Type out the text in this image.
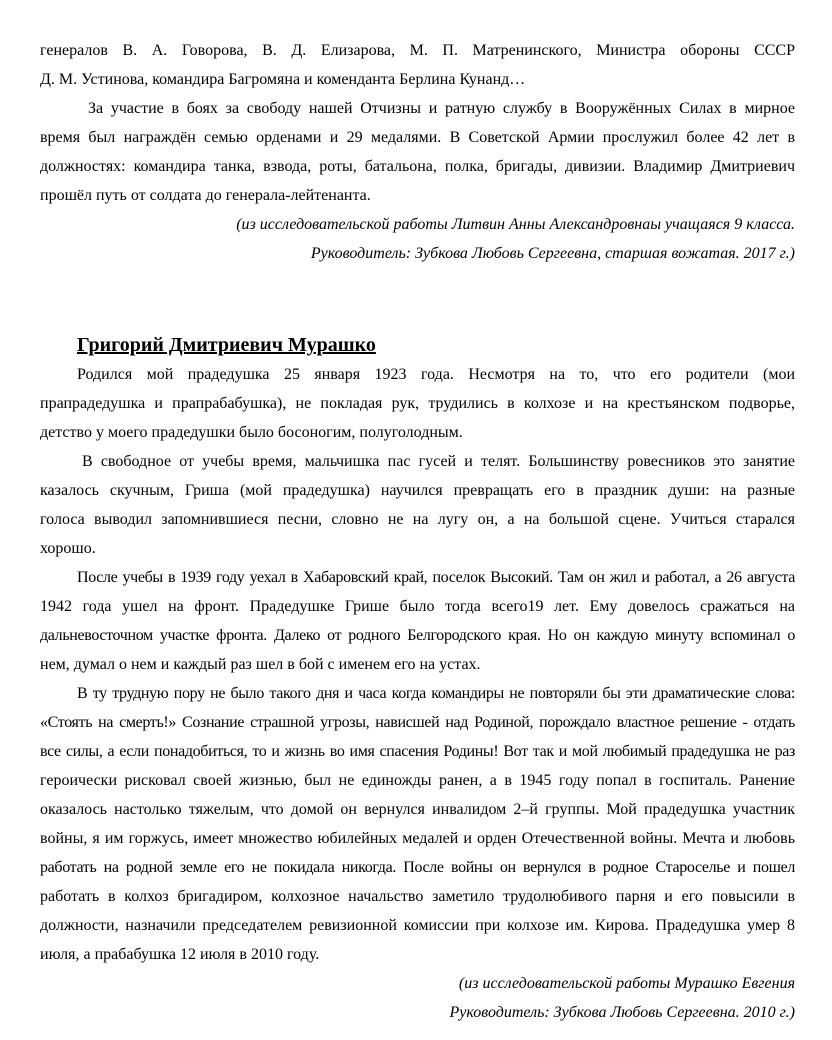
генералов В. А. Говорова, В. Д. Елизарова, М. П. Матренинского, Министра обороны СССР
Д. М. Устинова, командира Багромяна и коменданта Берлина Кунанд…
За участие в боях за свободу нашей Отчизны и ратную службу в Вооружённых Силах в мирное
время был награждён семью орденами и 29 медалями. В Советской Армии прослужил более 42 лет в
должностях: командира танка, взвода, роты, батальона, полка, бригады, дивизии. Владимир Дмитриевич
прошёл путь от солдата до генерала-лейтенанта.
(из исследовательской работы Литвин Анны Александровнаы учащаяся 9 класса.
Руководитель: Зубкова Любовь Сергеевна, старшая вожатая. 2017 г.)
Григорий Дмитриевич Мурашко
Родился мой прадедушка 25 января 1923 года. Несмотря на то, что его родители (мои
прапрадедушка и прапрабабушка), не покладая рук, трудились в колхозе и на крестьянском подворье,
детство у моего прадедушки было босоногим, полуголодным.
В свободное от учебы время, мальчишка пас гусей и телят. Большинству ровесников это занятие
казалось скучным, Гриша (мой прадедушка) научился превращать его в праздник души: на разные
голоса выводил запомнившиеся песни, словно не на лугу он, а на большой сцене. Учиться старался
хорошо.
После учебы в 1939 году уехал в Хабаровский край, поселок Высокий. Там он жил и работал, а 26 августа
1942 года ушел на фронт. Прадедушке Грише было тогда всего19 лет. Ему довелось сражаться на
дальневосточном участке фронта. Далеко от родного Белгородского края. Но он каждую минуту вспоминал о
нем, думал о нем и каждый раз шел в бой с именем его на устах.
В ту трудную пору не было такого дня и часа когда командиры не повторяли бы эти драматические слова:
«Стоять на смерть!» Сознание страшной угрозы, нависшей над Родиной, порождало властное решение - отдать
все силы, а если понадобиться, то и жизнь во имя спасения Родины! Вот так и мой любимый прадедушка не раз
героически рисковал своей жизнью, был не единожды ранен, а в 1945 году попал в госпиталь. Ранение
оказалось настолько тяжелым, что домой он вернулся инвалидом 2–й группы. Мой прадедушка участник
войны, я им горжусь, имеет множество юбилейных медалей и орден Отечественной войны. Мечта и любовь
работать на родной земле его не покидала никогда. После войны он вернулся в родное Староселье и пошел
работать в колхоз бригадиром, колхозное начальство заметило трудолюбивого парня и его повысили в
должности, назначили председателем ревизионной комиссии при колхозе им. Кирова. Прадедушка умер 8
июля, а прабабушка 12 июля в 2010 году.
(из исследовательской работы Мурашко Евгения
Руководитель: Зубкова Любовь Сергеевна. 2010 г.)
